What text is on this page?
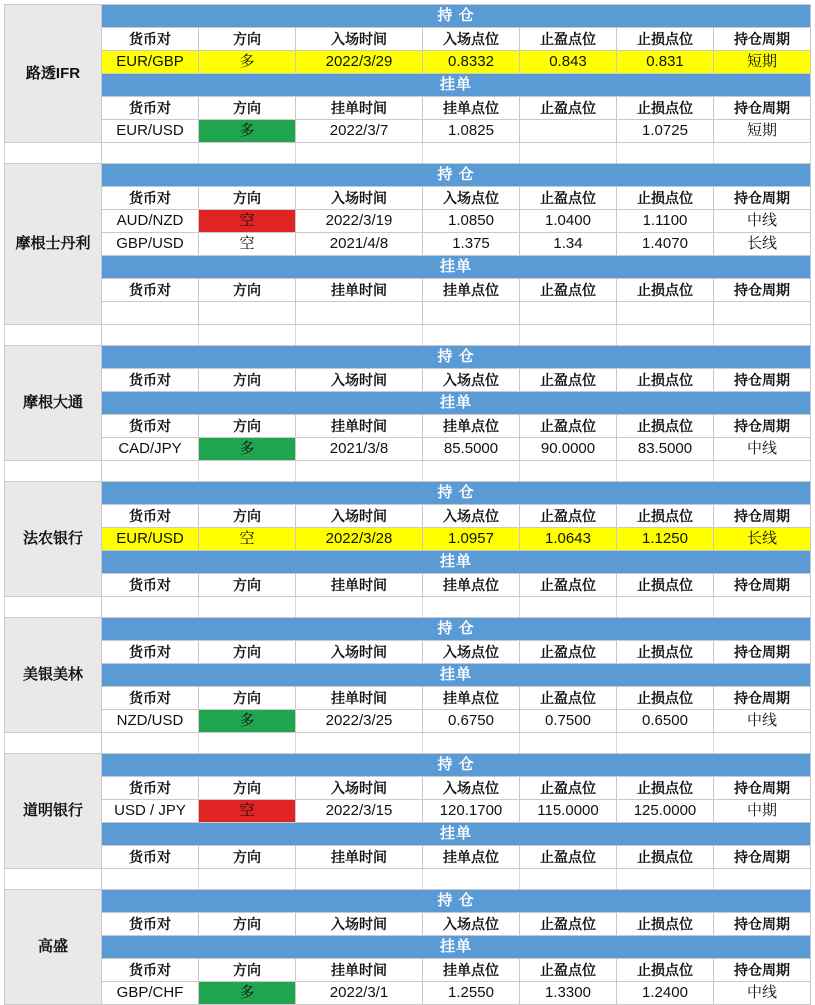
路透IFR	持 仓						
	货币对	方向	入场时间	入场点位	止盈点位	止损点位	持仓周期
	EUR/GBP	多	2022/3/29	0.8332	0.843	0.831	短期
	挂单						
	货币对	方向	挂单时间	挂单点位	止盈点位	止损点位	持仓周期
	EUR/USD	多	2022/3/7	1.0825		1.0725	短期

摩根士丹利	持 仓						
	货币对	方向	入场时间	入场点位	止盈点位	止损点位	持仓周期
	AUD/NZD	空	2022/3/19	1.0850	1.0400	1.1100	中线
	GBP/USD	空	2021/4/8	1.375	1.34	1.4070	长线
	挂单						
	货币对	方向	挂单时间	挂单点位	止盈点位	止损点位	持仓周期

摩根大通	持 仓						
	货币对	方向	入场时间	入场点位	止盈点位	止损点位	持仓周期
	挂单						
	货币对	方向	挂单时间	挂单点位	止盈点位	止损点位	持仓周期
	CAD/JPY	多	2021/3/8	85.5000	90.0000	83.5000	中线

法农银行	持 仓						
	货币对	方向	入场时间	入场点位	止盈点位	止损点位	持仓周期
	EUR/USD	空	2022/3/28	1.0957	1.0643	1.1250	长线
	挂单						
	货币对	方向	挂单时间	挂单点位	止盈点位	止损点位	持仓周期

美银美林	持 仓						
	货币对	方向	入场时间	入场点位	止盈点位	止损点位	持仓周期
	挂单						
	货币对	方向	挂单时间	挂单点位	止盈点位	止损点位	持仓周期
	NZD/USD	多	2022/3/25	0.6750	0.7500	0.6500	中线

道明银行	持 仓						
	货币对	方向	入场时间	入场点位	止盈点位	止损点位	持仓周期
	USD / JPY	空	2022/3/15	120.1700	115.0000	125.0000	中期
	挂单						
	货币对	方向	挂单时间	挂单点位	止盈点位	止损点位	持仓周期

高盛	持 仓						
	货币对	方向	入场时间	入场点位	止盈点位	止损点位	持仓周期
	挂单						
	货币对	方向	挂单时间	挂单点位	止盈点位	止损点位	持仓周期
	GBP/CHF	多	2022/3/1	1.2550	1.3300	1.2400	中线
